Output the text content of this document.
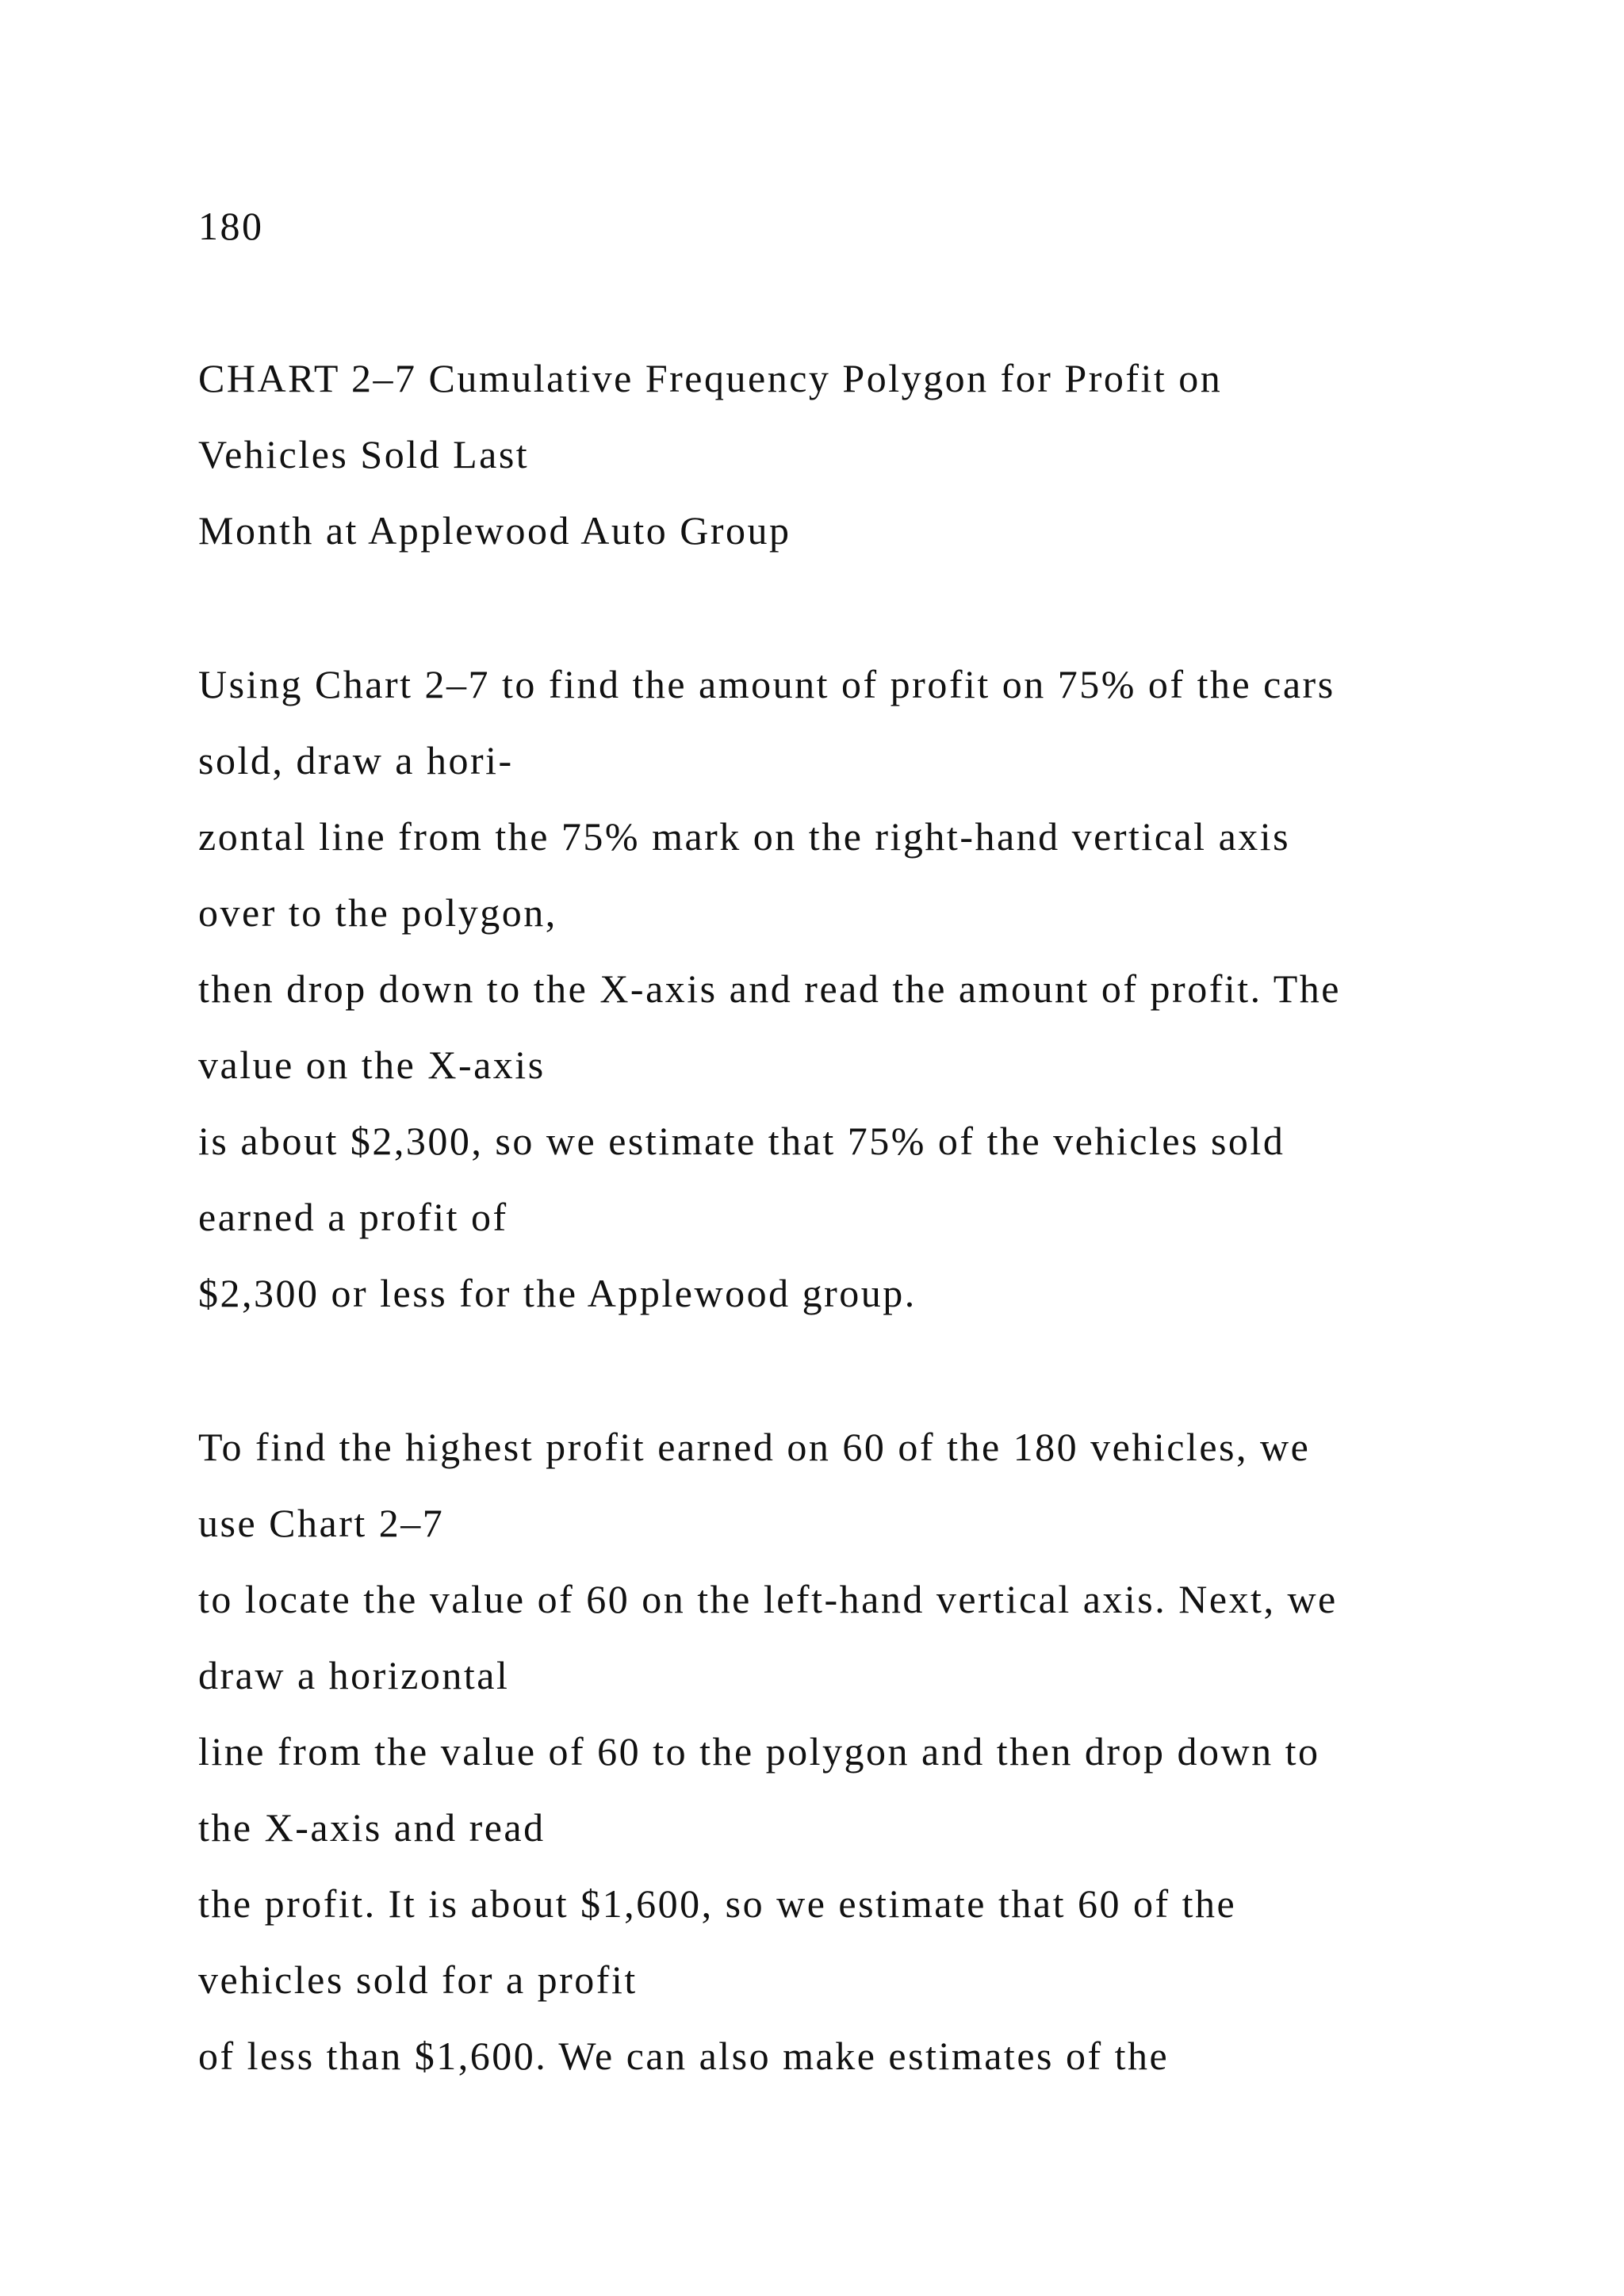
180
CHART 2–7 Cumulative Frequency Polygon for Profit on
Vehicles Sold Last
Month at Applewood Auto Group
Using Chart 2–7 to find the amount of profit on 75% of the cars
sold, draw a hori-
zontal line from the 75% mark on the right-hand vertical axis
over to the polygon,
then drop down to the X-axis and read the amount of profit. The
value on the X-axis
is about $2,300, so we estimate that 75% of the vehicles sold
earned a profit of
$2,300 or less for the Applewood group.
To find the highest profit earned on 60 of the 180 vehicles, we
use Chart 2–7
to locate the value of 60 on the left-hand vertical axis. Next, we
draw a horizontal
line from the value of 60 to the polygon and then drop down to
the X-axis and read
the profit. It is about $1,600, so we estimate that 60 of the
vehicles sold for a profit
of less than $1,600. We can also make estimates of the
